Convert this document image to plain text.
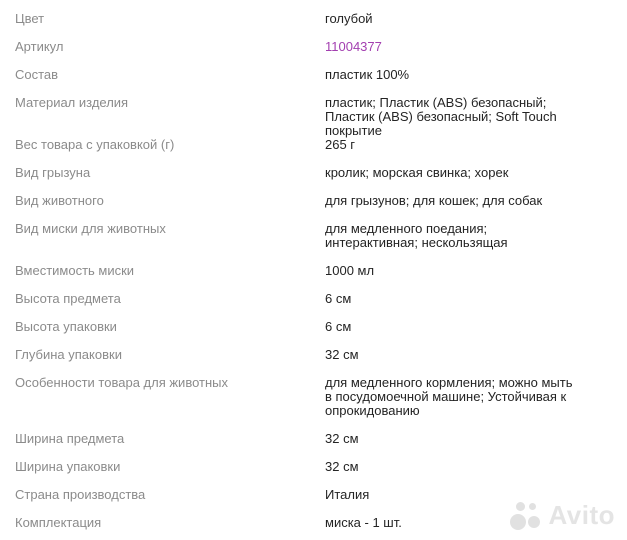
Цвет	голубой
Артикул	11004377
Состав	пластик 100%
Материал изделия	пластик; Пластик (ABS) безопасный; Пластик (ABS) безопасный; Soft Touch покрытие
Вес товара с упаковкой (г)	265 г
Вид грызуна	кролик; морская свинка; хорек
Вид животного	для грызунов; для кошек; для собак
Вид миски для животных	для медленного поедания; интерактивная; нескользящая
Вместимость миски	1000 мл
Высота предмета	6 см
Высота упаковки	6 см
Глубина упаковки	32 см
Особенности товара для животных	для медленного кормления; можно мыть в посудомоечной машине; Устойчивая к опрокидованию
Ширина предмета	32 см
Ширина упаковки	32 см
Страна производства	Италия
Комплектация	миска - 1 шт.	Avito
